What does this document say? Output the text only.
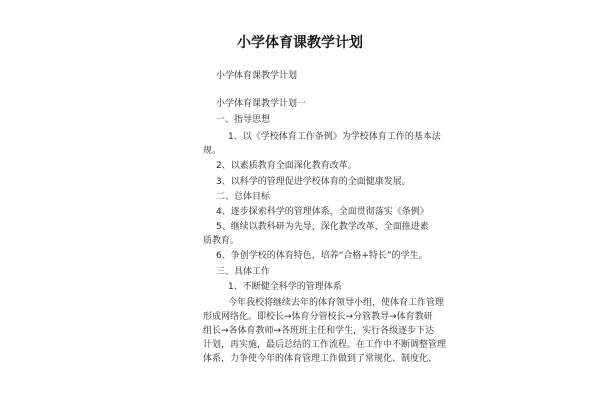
小学体育课教学计划
小学体育课教学计划
小学体育课教学计划一
一、指导思想
1、以《学校体育工作条例》为学校体育工作的基本法
规。
2、以素质教育全面深化教育改革。
3、以科学的管理促进学校体育的全面健康发展。
二、总体目标
4、逐步探索科学的管理体系，全面贯彻落实《条例》
5、继续以教科研为先导，深化教学改革，全面推进素
质教育。
6、争创学校的体育特色，培养“合格+特长”的学生。
三、具体工作
1、不断健全科学的管理体系
今年我校将继续去年的体育领导小组，使体育工作管理
形成网络化。即校长→体育分管校长→分管教导→体育教研
组长→各体育教师→各班班主任和学生，实行各级逐步下达
计划，再实施，最后总结的工作流程。在工作中不断调整管理
体系，力争使今年的体育管理工作做到了常规化、制度化、
